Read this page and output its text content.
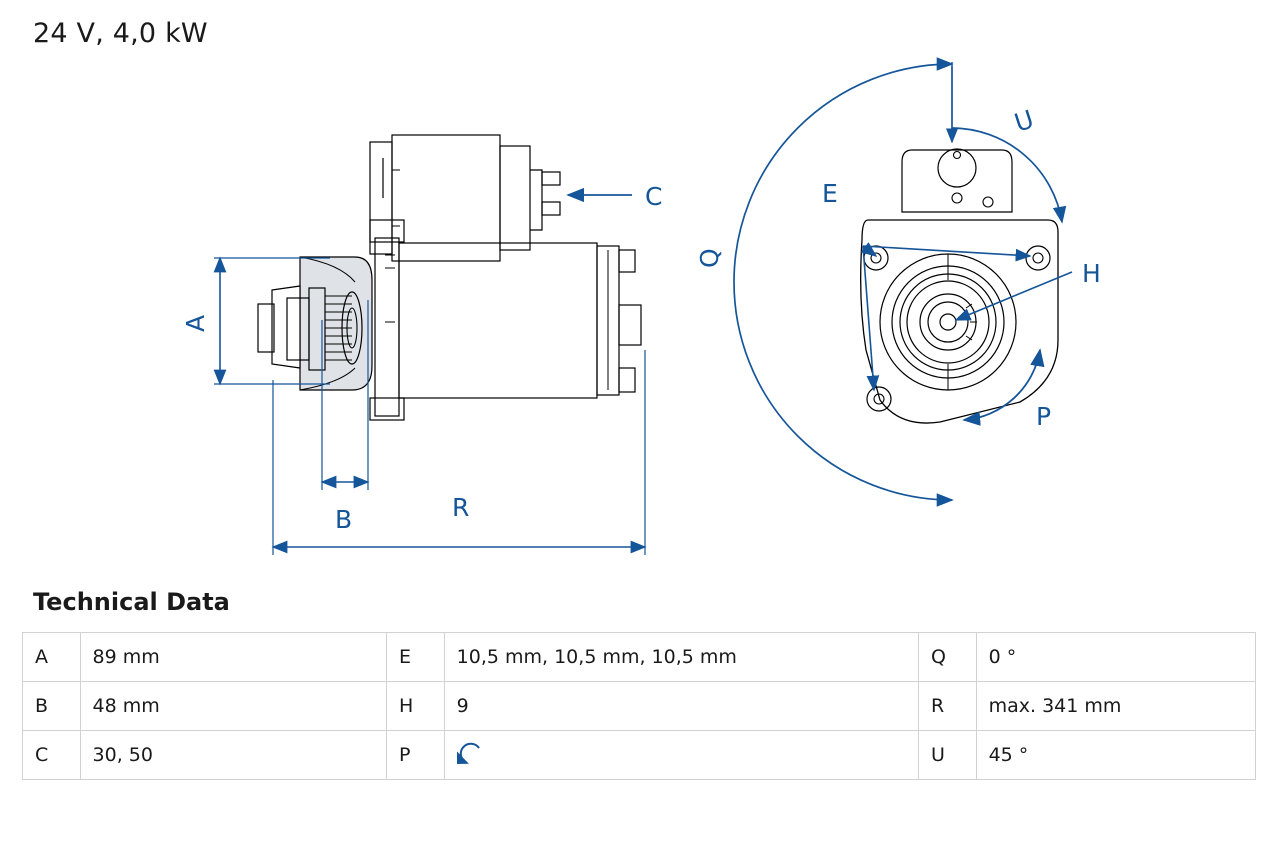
24 V, 4,0 kW
C
A
B	R
E
H
U
Q
P
Technical Data
A	89 mm	E	10,5 mm, 10,5 mm, 10,5 mm	Q	0 °
B	48 mm	H	9	R	max. 341 mm
C	30, 50	P		U	45 °
